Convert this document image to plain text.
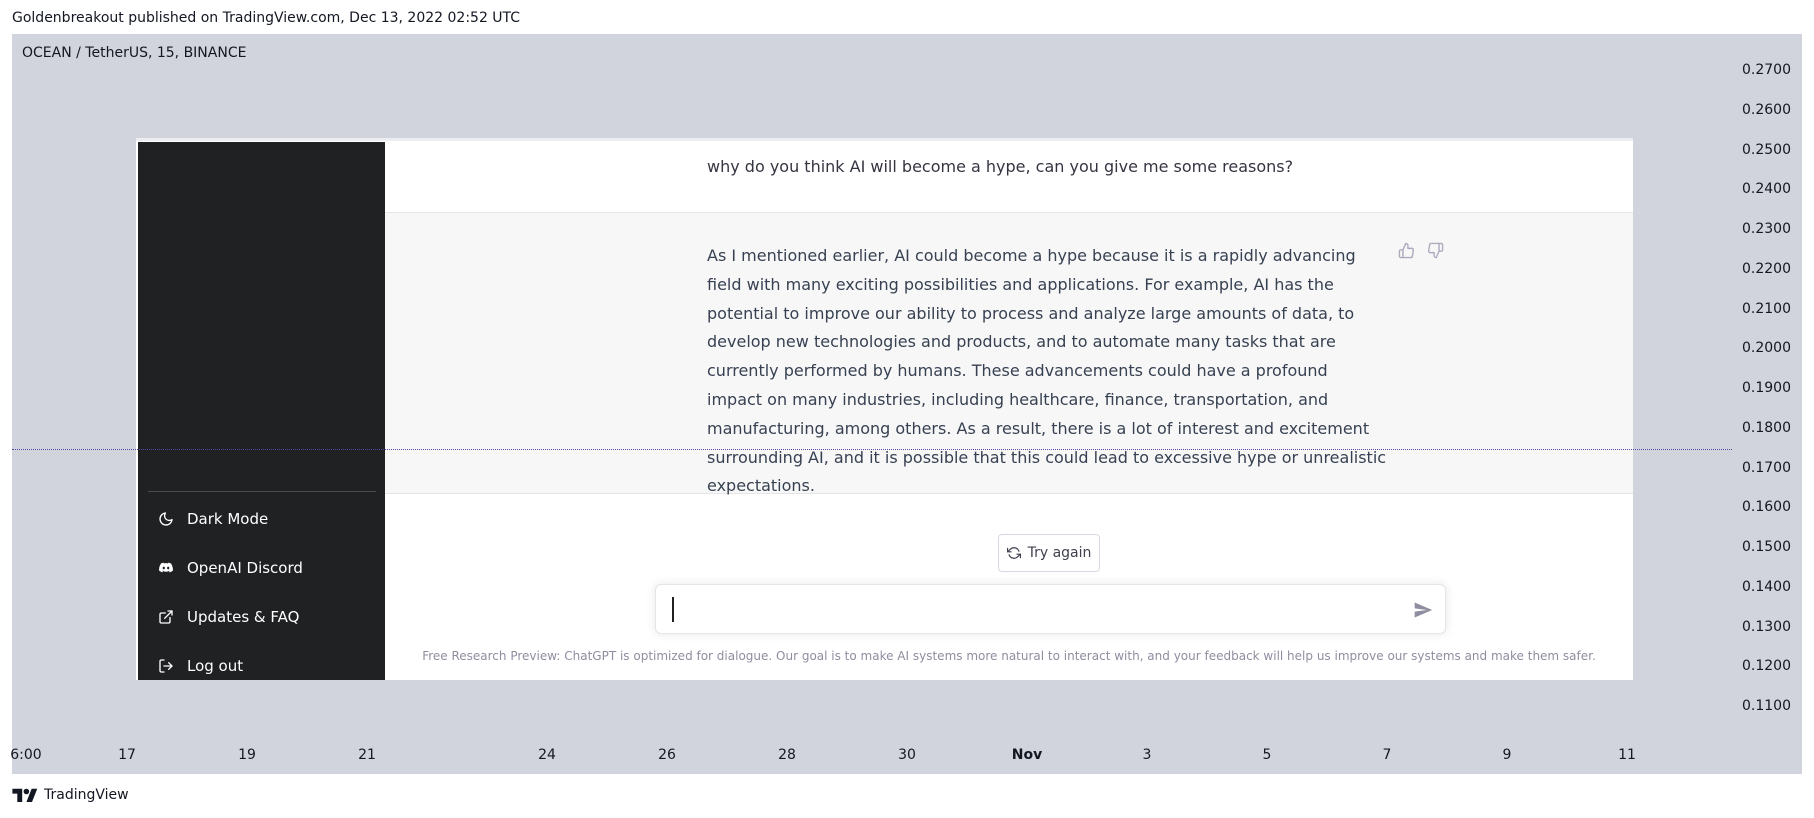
Goldenbreakout published on TradingView.com, Dec 13, 2022 02:52 UTC
OCEAN / TetherUS, 15, BINANCE
0.2700
0.2600
0.2500
0.2400
0.2300
0.2200
0.2100
0.2000
0.1900
0.1800
0.1700
0.1600
0.1500
0.1400
0.1300
0.1200
0.1100
6:00	17	19	21	24	26	28	30	Nov	3	5	7	9	11
Dark Mode
OpenAI Discord
Updates & FAQ
Log out
why do you think AI will become a hype, can you give me some reasons?
As I mentioned earlier, AI could become a hype because it is a rapidly advancing field with many exciting possibilities and applications. For example, AI has the potential to improve our ability to process and analyze large amounts of data, to develop new technologies and products, and to automate many tasks that are currently performed by humans. These advancements could have a profound impact on many industries, including healthcare, finance, transportation, and manufacturing, among others. As a result, there is a lot of interest and excitement surrounding AI, and it is possible that this could lead to excessive hype or unrealistic expectations.
Try again
Free Research Preview: ChatGPT is optimized for dialogue. Our goal is to make AI systems more natural to interact with, and your feedback will help us improve our systems and make them safer.
TradingView
